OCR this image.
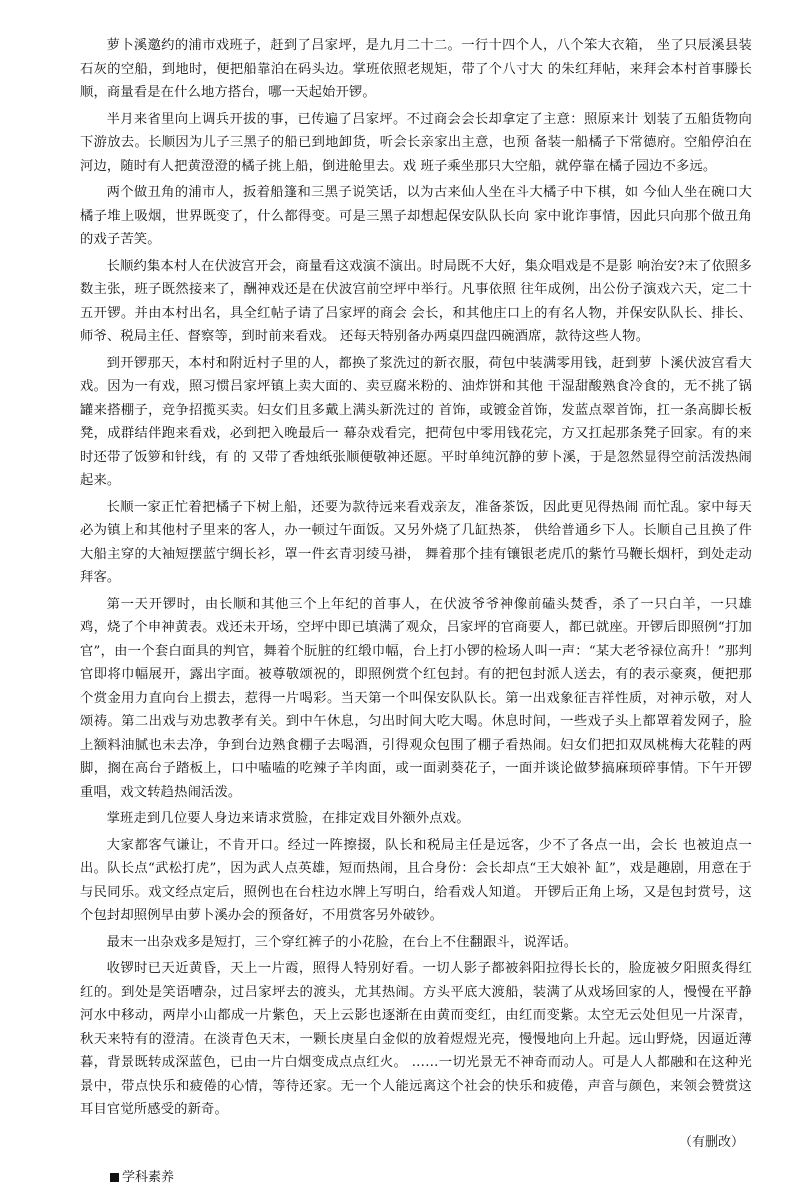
萝卜溪邀约的浦市戏班子，赶到了吕家坪，是九月二十二。一行十四个人，八个笨大衣箱， 坐了只辰溪县装石灰的空船，到地时，便把船靠泊在码头边。掌班依照老规矩，带了个八寸大 的朱红拜帖，来拜会本村首事滕长顺，商量看是在什么地方搭台，哪一天起始开锣。

半月来省里向上调兵开拔的事，已传遍了吕家坪。不过商会会长却拿定了主意：照原来计 划装了五船货物向下游放去。长顺因为儿子三黑子的船已到地卸货，听会长亲家出主意，也预 备装一船橘子下常德府。空船停泊在河边，随时有人把黄澄澄的橘子挑上船，倒进舱里去。戏 班子乘坐那只大空船，就停靠在橘子园边不多远。

两个做丑角的浦市人，扳着船篷和三黑子说笑话，以为古来仙人坐在斗大橘子中下棋，如 今仙人坐在碗口大橘子堆上吸烟，世界既变了，什么都得变。可是三黑子却想起保安队队长向 家中讹诈事情，因此只向那个做丑角的戏子苦笑。

长顺约集本村人在伏波宫开会，商量看这戏演不演出。时局既不大好，集众唱戏是不是影 响治安?末了依照多数主张，班子既然接来了，酬神戏还是在伏波宫前空坪中举行。凡事依照 往年成例，出公份子演戏六天，定二十五开锣。并由本村出名，具全红帖子请了吕家坪的商会 会长，和其他庄口上的有名人物，并保安队队长、排长、师爷、税局主任、督察等，到时前来看戏。 还每天特别备办两桌四盘四碗酒席，款待这些人物。

到开锣那天，本村和附近村子里的人，都换了浆洗过的新衣服，荷包中装满零用钱，赶到萝 卜溪伏波宫看大戏。因为一有戏，照习惯吕家坪镇上卖大面的、卖豆腐米粉的、油炸饼和其他 干湿甜酸熟食冷食的，无不挑了锅罐来搭棚子，竞争招揽买卖。妇女们且多戴上满头新洗过的 首饰，或镀金首饰，发蓝点翠首饰，扛一条高脚长板凳，成群结伴跑来看戏，必到把入晚最后一 幕杂戏看完，把荷包中零用钱花完，方又扛起那条凳子回家。有的来时还带了饭箩和针线，有 的 又带了香烛纸张顺便敬神还愿。平时单纯沉静的萝卜溪，于是忽然显得空前活泼热闹起来。

长顺一家正忙着把橘子下树上船，还要为款待远来看戏亲友，准备茶饭，因此更见得热闹 而忙乱。家中每天必为镇上和其他村子里来的客人，办一顿过午面饭。又另外烧了几缸热茶， 供给普通乡下人。长顺自己且换了件大船主穿的大袖短摆蓝宁绸长衫，罩一件玄青羽绫马褂， 舞着那个挂有镶银老虎爪的紫竹马鞭长烟杆，到处走动拜客。

第一天开锣时，由长顺和其他三个上年纪的首事人，在伏波爷爷神像前磕头焚香，杀了一只白羊，一只雄鸡，烧了个申神黄表。戏还未开场，空坪中即已填满了观众，吕家坪的官商要人，都已就座。开锣后即照例“打加官”，由一个套白面具的判官，舞着个朊脏的红缎巾幅，台上打小锣的检场人叫一声：“某大老爷禄位高升！”那判官即将巾幅展开，露出字面。被尊敬颂祝的，即照例赏个红包封。有的把包封派人送去，有的表示豪爽，便把那个赏金用力直向台上掼去，惹得一片喝彩。当天第一个叫保安队队长。第一出戏象征吉祥性质，对神示敬，对人颂祷。第二出戏与劝忠教孝有关。到中午休息，匀出时间大吃大喝。休息时间，一些戏子头上都罩着发网子，脸上额料油腻也未去净，争到台边熟食棚子去喝酒，引得观众包围了棚子看热闹。妇女们把扣双凤桃梅大花鞋的两脚，搁在高台子踏板上，口中嗑嗑的吃辣子羊肉面，或一面剥葵花子，一面并谈论做梦搞麻顼碎事情。下午开锣重唱，戏文转趋热闹活泼。

掌班走到几位要人身边来请求赏脸，在排定戏目外额外点戏。

大家都客气谦让，不肯开口。经过一阵擦掇，队长和税局主任是远客，少不了各点一出，会长 也被迫点一出。队长点“武松打虎”，因为武人点英雄，短而热闹，且合身份：会长却点“王大娘补 缸”，戏是趣剧，用意在于与民同乐。戏文经点定后，照例也在台柱边水牌上写明白，给看戏人知道。 开锣后正角上场，又是包封赏号，这个包封却照例早由萝卜溪办会的预备好，不用赏客另外破钞。

最末一出杂戏多是短打，三个穿红裤子的小花脸，在台上不住翻跟斗，说浑话。

收锣时已天近黄昏，天上一片霞，照得人特别好看。一切人影子都被斜阳拉得长长的，脸庞被夕阳照炙得红红的。到处是笑语嘈杂，过吕家坪去的渡头，尤其热闹。方头平底大渡船，装满了从戏场回家的人，慢慢在平静河水中移动，两岸小山都成一片紫色，天上云影也逐渐在由黄而变红，由红而变紫。太空无云处但见一片深青，秋天来特有的澄清。在淡青色天末，一颗长庚星白金似的放着煜煜光亮，慢慢地向上升起。远山野烧，因逼近薄暮，背景既转成深蓝色，已由一片白烟变成点点红火。 ……一切光景无不神奇而动人。可是人人都融和在这种光景中，带点快乐和疲倦的心情，等待还家。无一个人能远离这个社会的快乐和疲倦，声音与颜色，来领会赞赏这耳目官觉所感受的新奇。

（有删改）
学科素养
